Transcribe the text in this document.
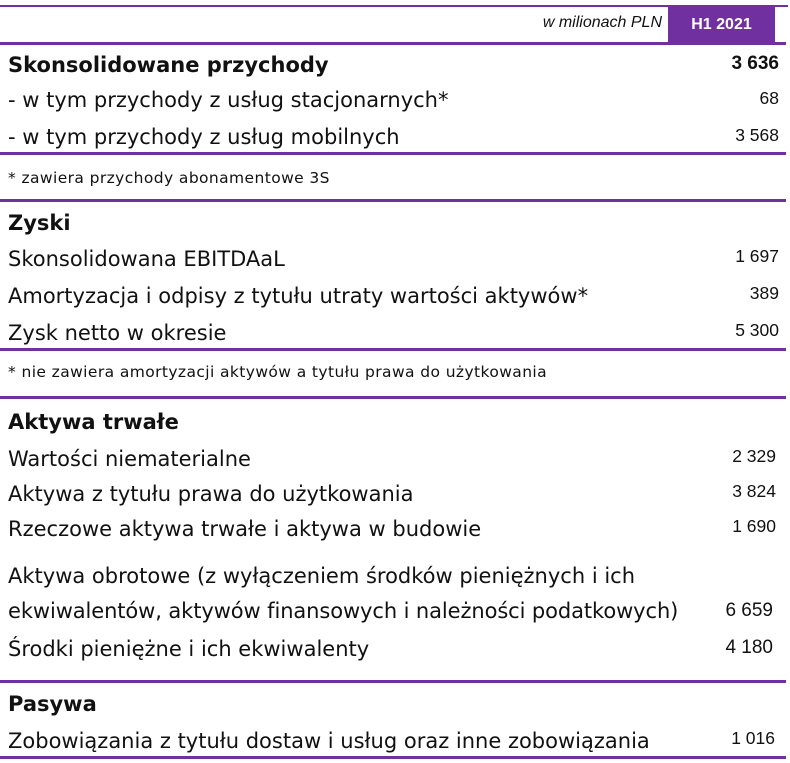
w milionach PLN	H1 2021
Skonsolidowane przychody	3 636
- w tym przychody z usług stacjonarnych*	68
- w tym przychody z usług mobilnych	3 568
* zawiera przychody abonamentowe 3S
Zyski
Skonsolidowana EBITDAaL	1 697
Amortyzacja i odpisy z tytułu utraty wartości aktywów*	389
Zysk netto w okresie	5 300
* nie zawiera amortyzacji aktywów a tytułu prawa do użytkowania
Aktywa trwałe
Wartości niematerialne	2 329
Aktywa z tytułu prawa do użytkowania	3 824
Rzeczowe aktywa trwałe i aktywa w budowie	1 690
Aktywa obrotowe (z wyłączeniem środków pieniężnych i ich
ekwiwalentów, aktywów finansowych i należności podatkowych)	6 659
Środki pieniężne i ich ekwiwalenty	4 180
Pasywa
Zobowiązania z tytułu dostaw i usług oraz inne zobowiązania	1 016
